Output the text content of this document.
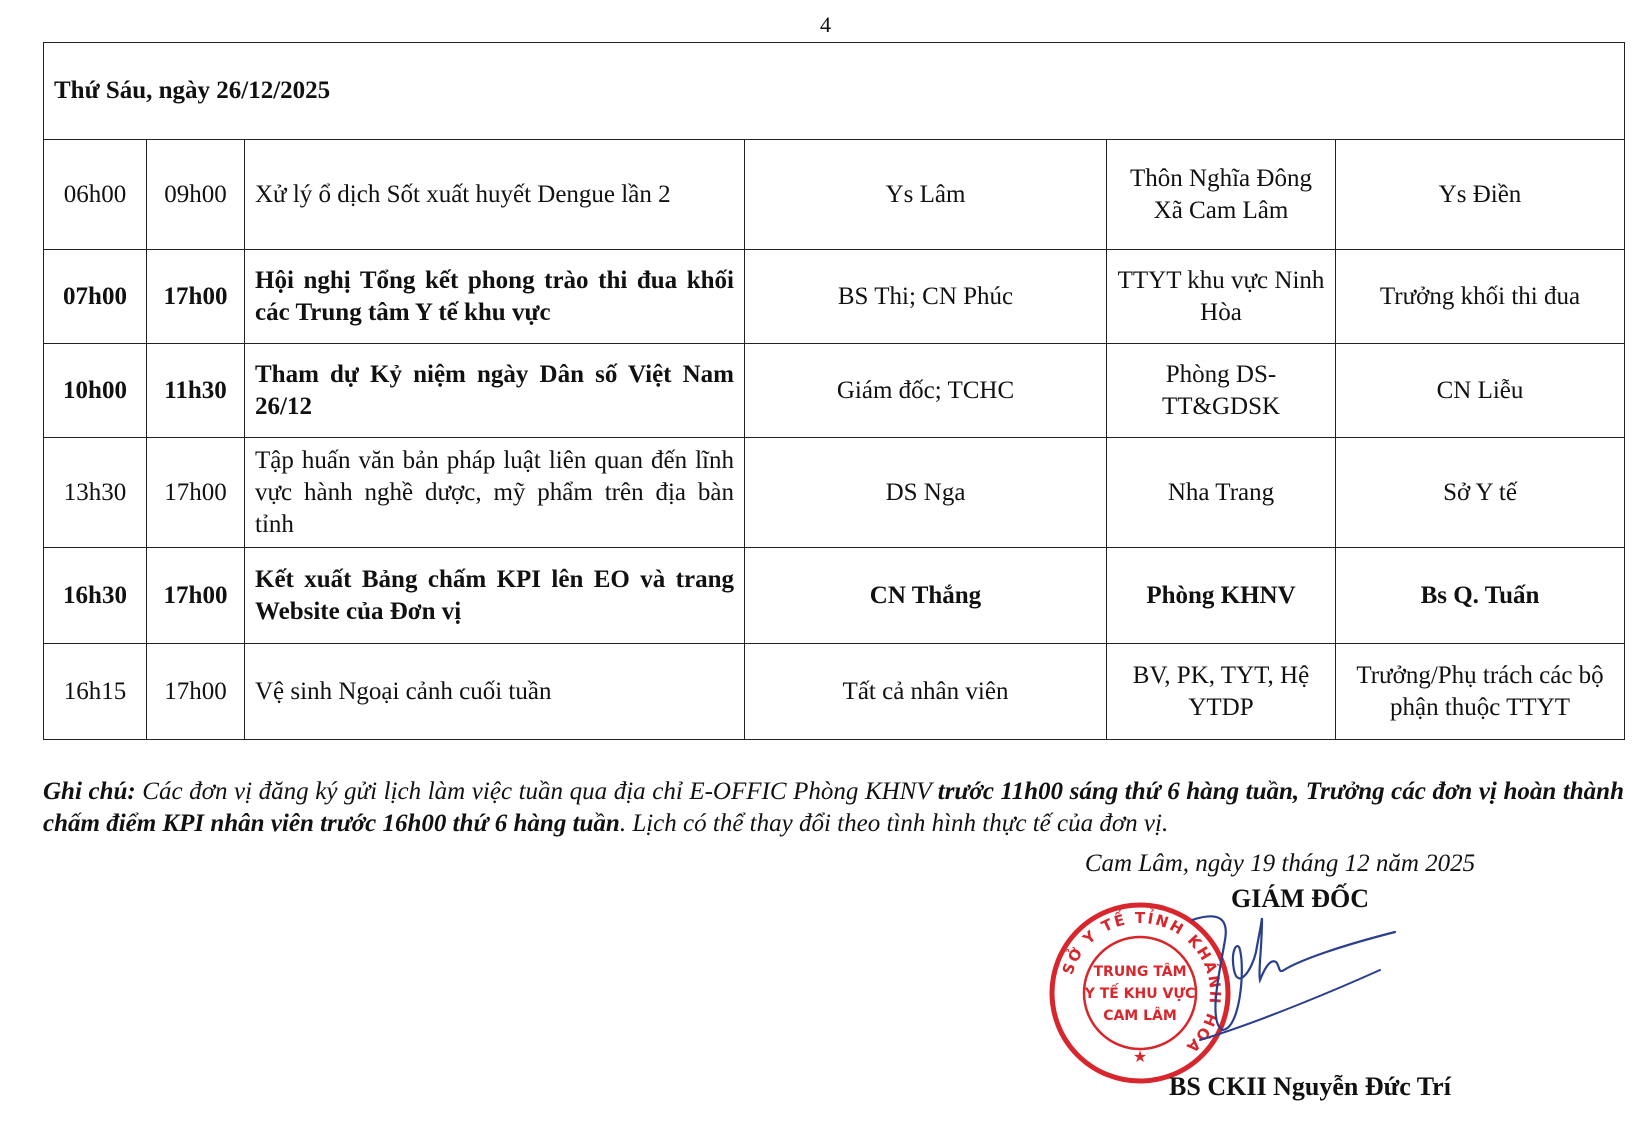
4
Thứ Sáu, ngày 26/12/2025					
06h00	09h00	Xử lý ổ dịch Sốt xuất huyết Dengue lần 2	Ys Lâm	Thôn Nghĩa Đông Xã Cam Lâm	Ys Điền
07h00	17h00	Hội nghị Tổng kết phong trào thi đua khối các Trung tâm Y tế khu vực	BS Thi; CN Phúc	TTYT khu vực Ninh Hòa	Trưởng khối thi đua
10h00	11h30	Tham dự Kỷ niệm ngày Dân số Việt Nam 26/12	Giám đốc; TCHC	Phòng DS-TT&GDSK	CN Liễu
13h30	17h00	Tập huấn văn bản pháp luật liên quan đến lĩnh vực hành nghề dược, mỹ phẩm trên địa bàn tỉnh	DS Nga	Nha Trang	Sở Y tế
16h30	17h00	Kết xuất Bảng chấm KPI lên EO và trang Website của Đơn vị	CN Thắng	Phòng KHNV	Bs Q. Tuấn
16h15	17h00	Vệ sinh Ngoại cảnh cuối tuần	Tất cả nhân viên	BV, PK, TYT, Hệ YTDP	Trưởng/Phụ trách các bộ phận thuộc TTYT
Ghi chú: Các đơn vị đăng ký gửi lịch làm việc tuần qua địa chỉ E-OFFIC Phòng KHNV trước 11h00 sáng thứ 6 hàng tuần, Trưởng các đơn vị hoàn thành chấm điểm KPI nhân viên trước 16h00 thứ 6 hàng tuần. Lịch có thể thay đổi theo tình hình thực tế của đơn vị.
Cam Lâm, ngày 19 tháng 12 năm 2025
GIÁM ĐỐC
SỞ Y TẾ TỈNH KHÁNH HÒA
TRUNG TÂM
Y TẾ KHU VỰC
CAM LÂM
★
BS CKII Nguyễn Đức Trí
